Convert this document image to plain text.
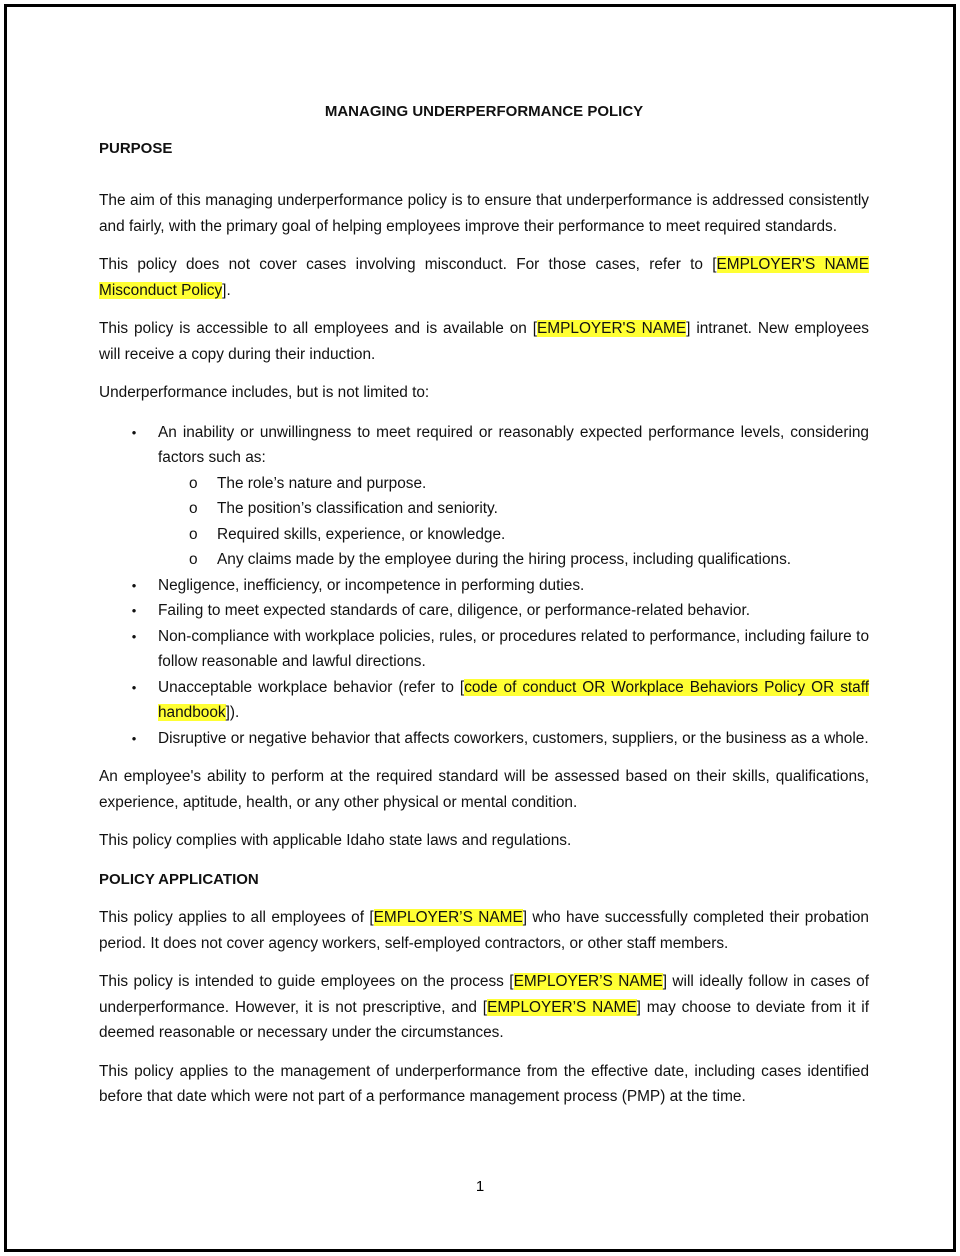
MANAGING UNDERPERFORMANCE POLICY
PURPOSE

The aim of this managing underperformance policy is to ensure that underperformance is addressed consistently and fairly, with the primary goal of helping employees improve their performance to meet required standards.

This policy does not cover cases involving misconduct. For those cases, refer to [EMPLOYER'S NAME Misconduct Policy].

This policy is accessible to all employees and is available on [EMPLOYER'S NAME] intranet. New employees will receive a copy during their induction.

Underperformance includes, but is not limited to:

• An inability or unwillingness to meet required or reasonably expected performance levels, considering factors such as:
o The role’s nature and purpose.
o The position’s classification and seniority.
o Required skills, experience, or knowledge.
o Any claims made by the employee during the hiring process, including qualifications.
• Negligence, inefficiency, or incompetence in performing duties.
• Failing to meet expected standards of care, diligence, or performance-related behavior.
• Non-compliance with workplace policies, rules, or procedures related to performance, including failure to follow reasonable and lawful directions.
• Unacceptable workplace behavior (refer to [code of conduct OR Workplace Behaviors Policy OR staff handbook]).
• Disruptive or negative behavior that affects coworkers, customers, suppliers, or the business as a whole.

An employee's ability to perform at the required standard will be assessed based on their skills, qualifications, experience, aptitude, health, or any other physical or mental condition.

This policy complies with applicable Idaho state laws and regulations.

POLICY APPLICATION

This policy applies to all employees of [EMPLOYER’S NAME] who have successfully completed their probation period. It does not cover agency workers, self-employed contractors, or other staff members.

This policy is intended to guide employees on the process [EMPLOYER’S NAME] will ideally follow in cases of underperformance. However, it is not prescriptive, and [EMPLOYER’S NAME] may choose to deviate from it if deemed reasonable or necessary under the circumstances.

This policy applies to the management of underperformance from the effective date, including cases identified before that date which were not part of a performance management process (PMP) at the time.

1
